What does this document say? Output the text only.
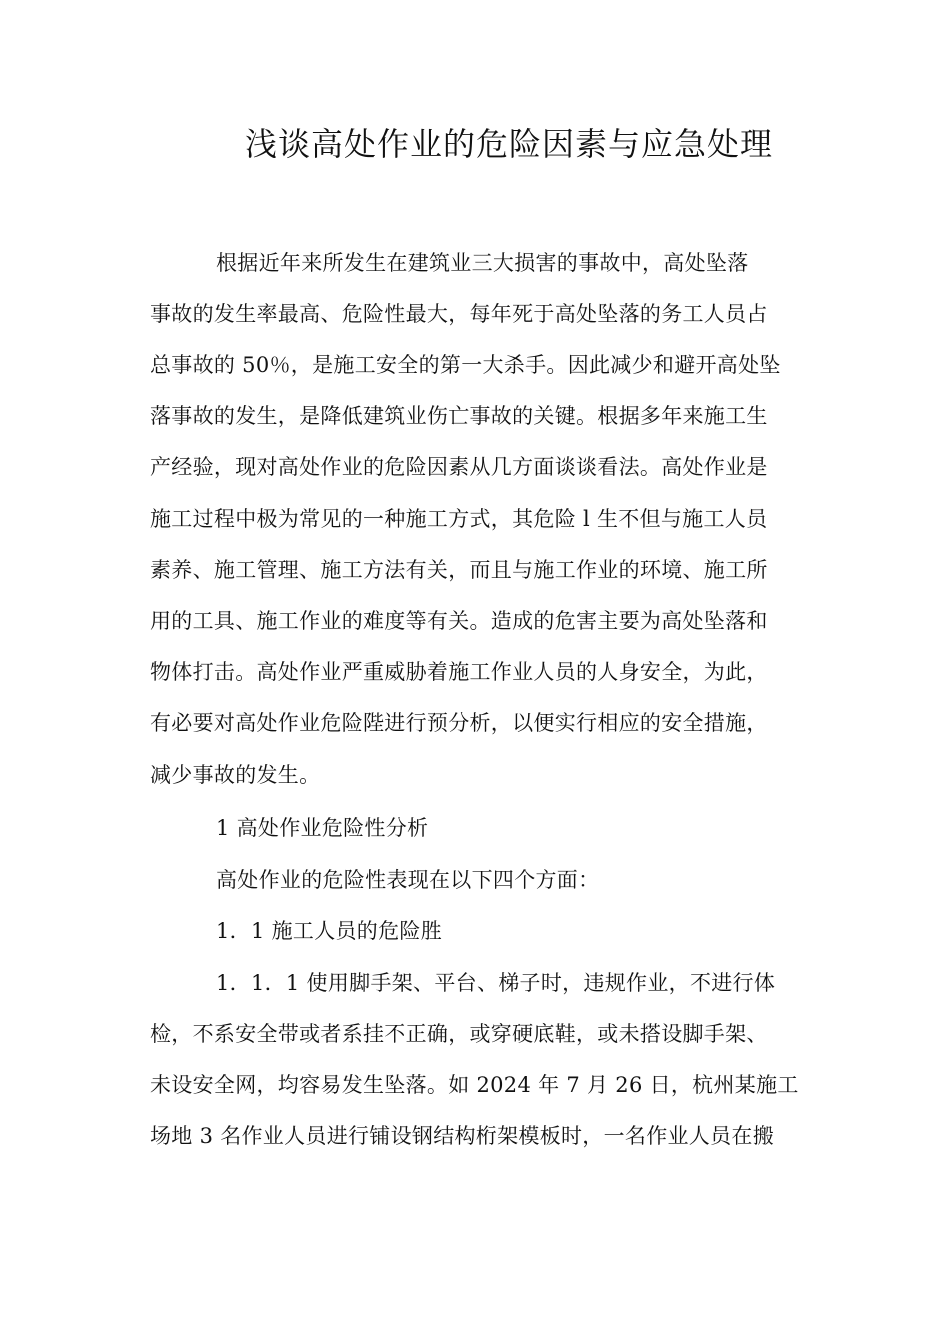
浅谈高处作业的危险因素与应急处理
根据近年来所发生在建筑业三大损害的事故中，高处坠落
事故的发生率最高、危险性最大，每年死于高处坠落的务工人员占
总事故的 50％，是施工安全的第一大杀手。因此减少和避开高处坠
落事故的发生，是降低建筑业伤亡事故的关键。根据多年来施工生
产经验，现对高处作业的危险因素从几方面谈谈看法。高处作业是
施工过程中极为常见的一种施工方式，其危险 l 生不但与施工人员
素养、施工管理、施工方法有关，而且与施工作业的环境、施工所
用的工具、施工作业的难度等有关。造成的危害主要为高处坠落和
物体打击。高处作业严重威胁着施工作业人员的人身安全，为此，
有必要对高处作业危险陛进行预分析，以便实行相应的安全措施，
减少事故的发生。
1 高处作业危险性分析
高处作业的危险性表现在以下四个方面：
1．1 施工人员的危险胜
1．1．1 使用脚手架、平台、梯子时，违规作业，不进行体
检，不系安全带或者系挂不正确，或穿硬底鞋，或未搭设脚手架、
未设安全网，均容易发生坠落。如 2024 年 7 月 26 日，杭州某施工
场地 3 名作业人员进行铺设钢结构桁架模板时，一名作业人员在搬
